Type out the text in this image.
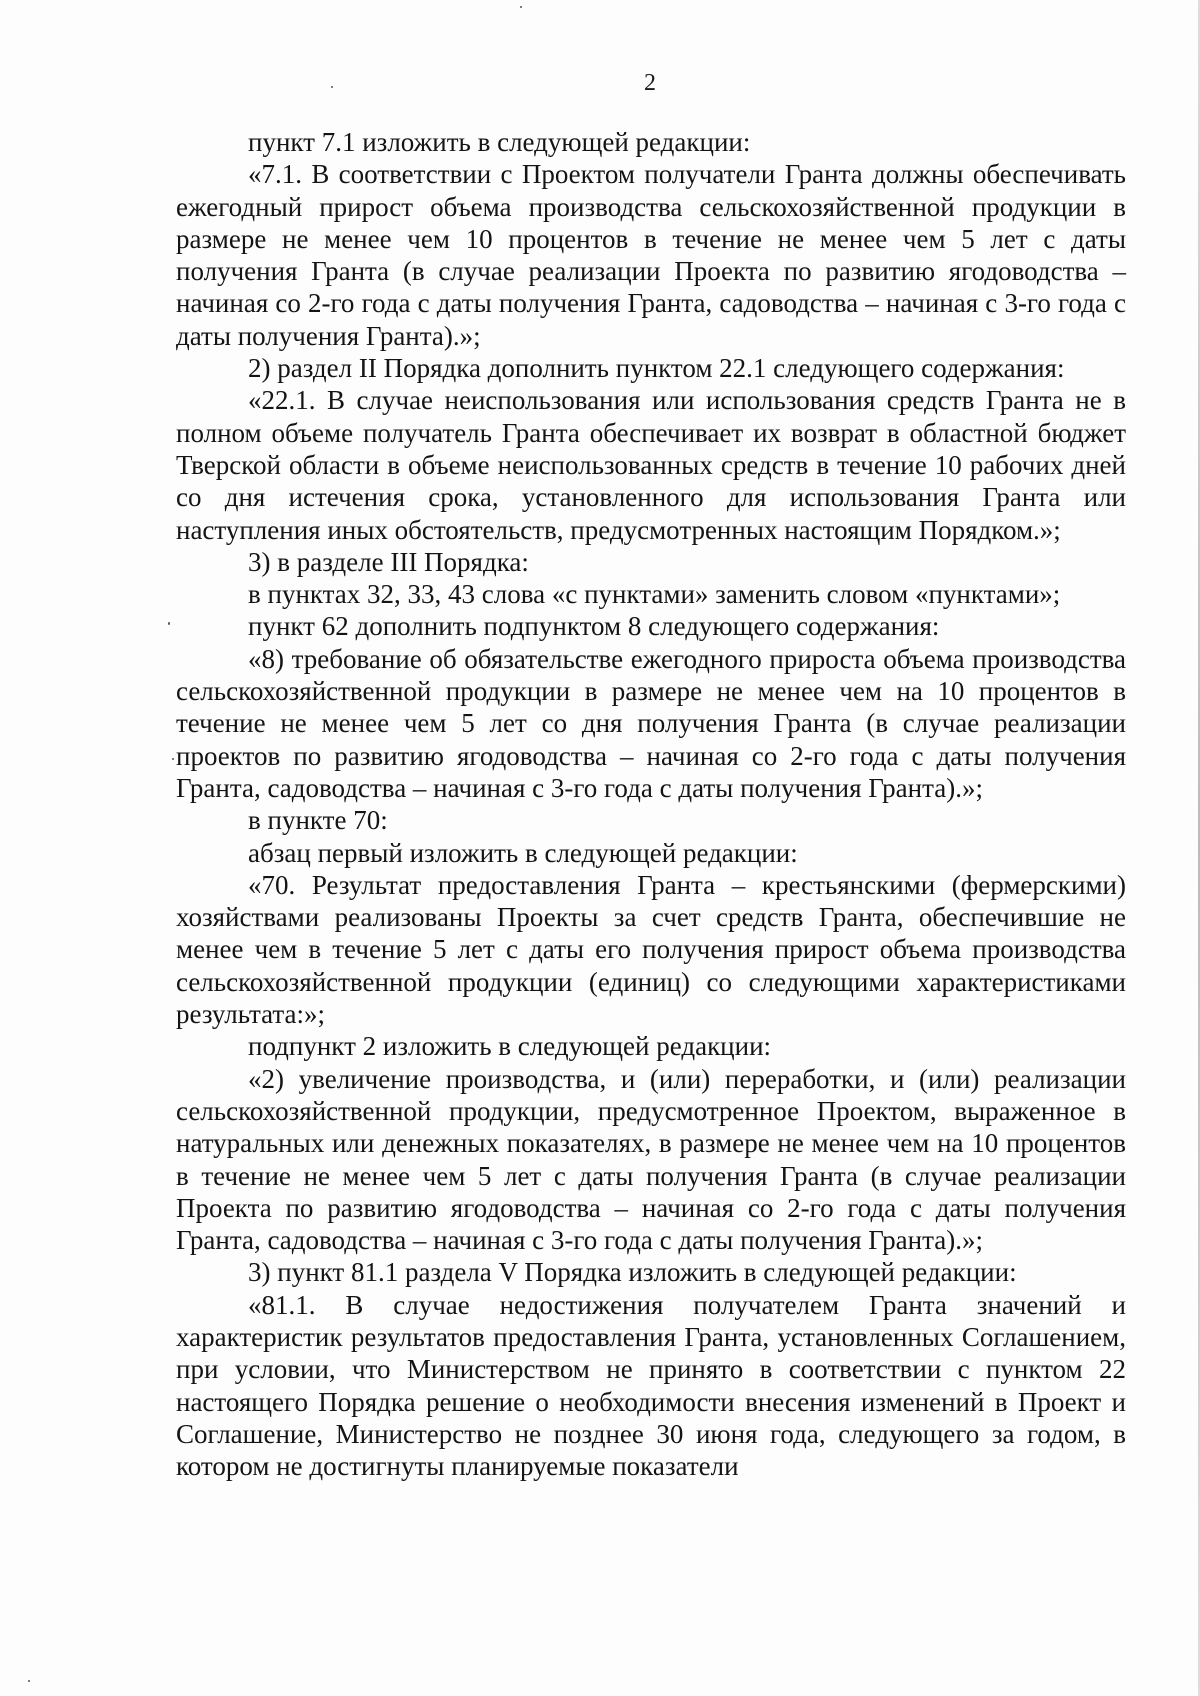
2

пункт 7.1 изложить в следующей редакции:

«7.1. В соответствии с Проектом получатели Гранта должны обеспечивать ежегодный прирост объема производства сельскохозяйственной продукции в размере не менее чем 10 процентов в течение не менее чем 5 лет с даты получения Гранта (в случае реализации Проекта по развитию ягодоводства – начиная со 2-го года с даты получения Гранта, садоводства – начиная с 3-го года с даты получения Гранта).»;

2) раздел II Порядка дополнить пунктом 22.1 следующего содержания:

«22.1. В случае неиспользования или использования средств Гранта не в полном объеме получатель Гранта обеспечивает их возврат в областной бюджет Тверской области в объеме неиспользованных средств в течение 10 рабочих дней со дня истечения срока, установленного для использования Гранта или наступления иных обстоятельств, предусмотренных настоящим Порядком.»;

3) в разделе III Порядка:

в пунктах 32, 33, 43 слова «с пунктами» заменить словом «пунктами»;

пункт 62 дополнить подпунктом 8 следующего содержания:

«8) требование об обязательстве ежегодного прироста объема производства сельскохозяйственной продукции в размере не менее чем на 10 процентов в течение не менее чем 5 лет со дня получения Гранта (в случае реализации проектов по развитию ягодоводства – начиная со 2-го года с даты получения Гранта, садоводства – начиная с 3-го года с даты получения Гранта).»;

в пункте 70:

абзац первый изложить в следующей редакции:

«70. Результат предоставления Гранта – крестьянскими (фермерскими) хозяйствами реализованы Проекты за счет средств Гранта, обеспечившие не менее чем в течение 5 лет с даты его получения прирост объема производства сельскохозяйственной продукции (единиц) со следующими характеристиками результата:»;

подпункт 2 изложить в следующей редакции:

«2) увеличение производства, и (или) переработки, и (или) реализации сельскохозяйственной продукции, предусмотренное Проектом, выраженное в натуральных или денежных показателях, в размере не менее чем на 10 процентов в течение не менее чем 5 лет с даты получения Гранта (в случае реализации Проекта по развитию ягодоводства – начиная со 2-го года с даты получения Гранта, садоводства – начиная с 3-го года с даты получения Гранта).»;

3) пункт 81.1 раздела V Порядка изложить в следующей редакции:

«81.1. В случае недостижения получателем Гранта значений и характеристик результатов предоставления Гранта, установленных Соглашением, при условии, что Министерством не принято в соответствии с пунктом 22 настоящего Порядка решение о необходимости внесения изменений в Проект и Соглашение, Министерство не позднее 30 июня года, следующего за годом, в котором не достигнуты планируемые показатели
